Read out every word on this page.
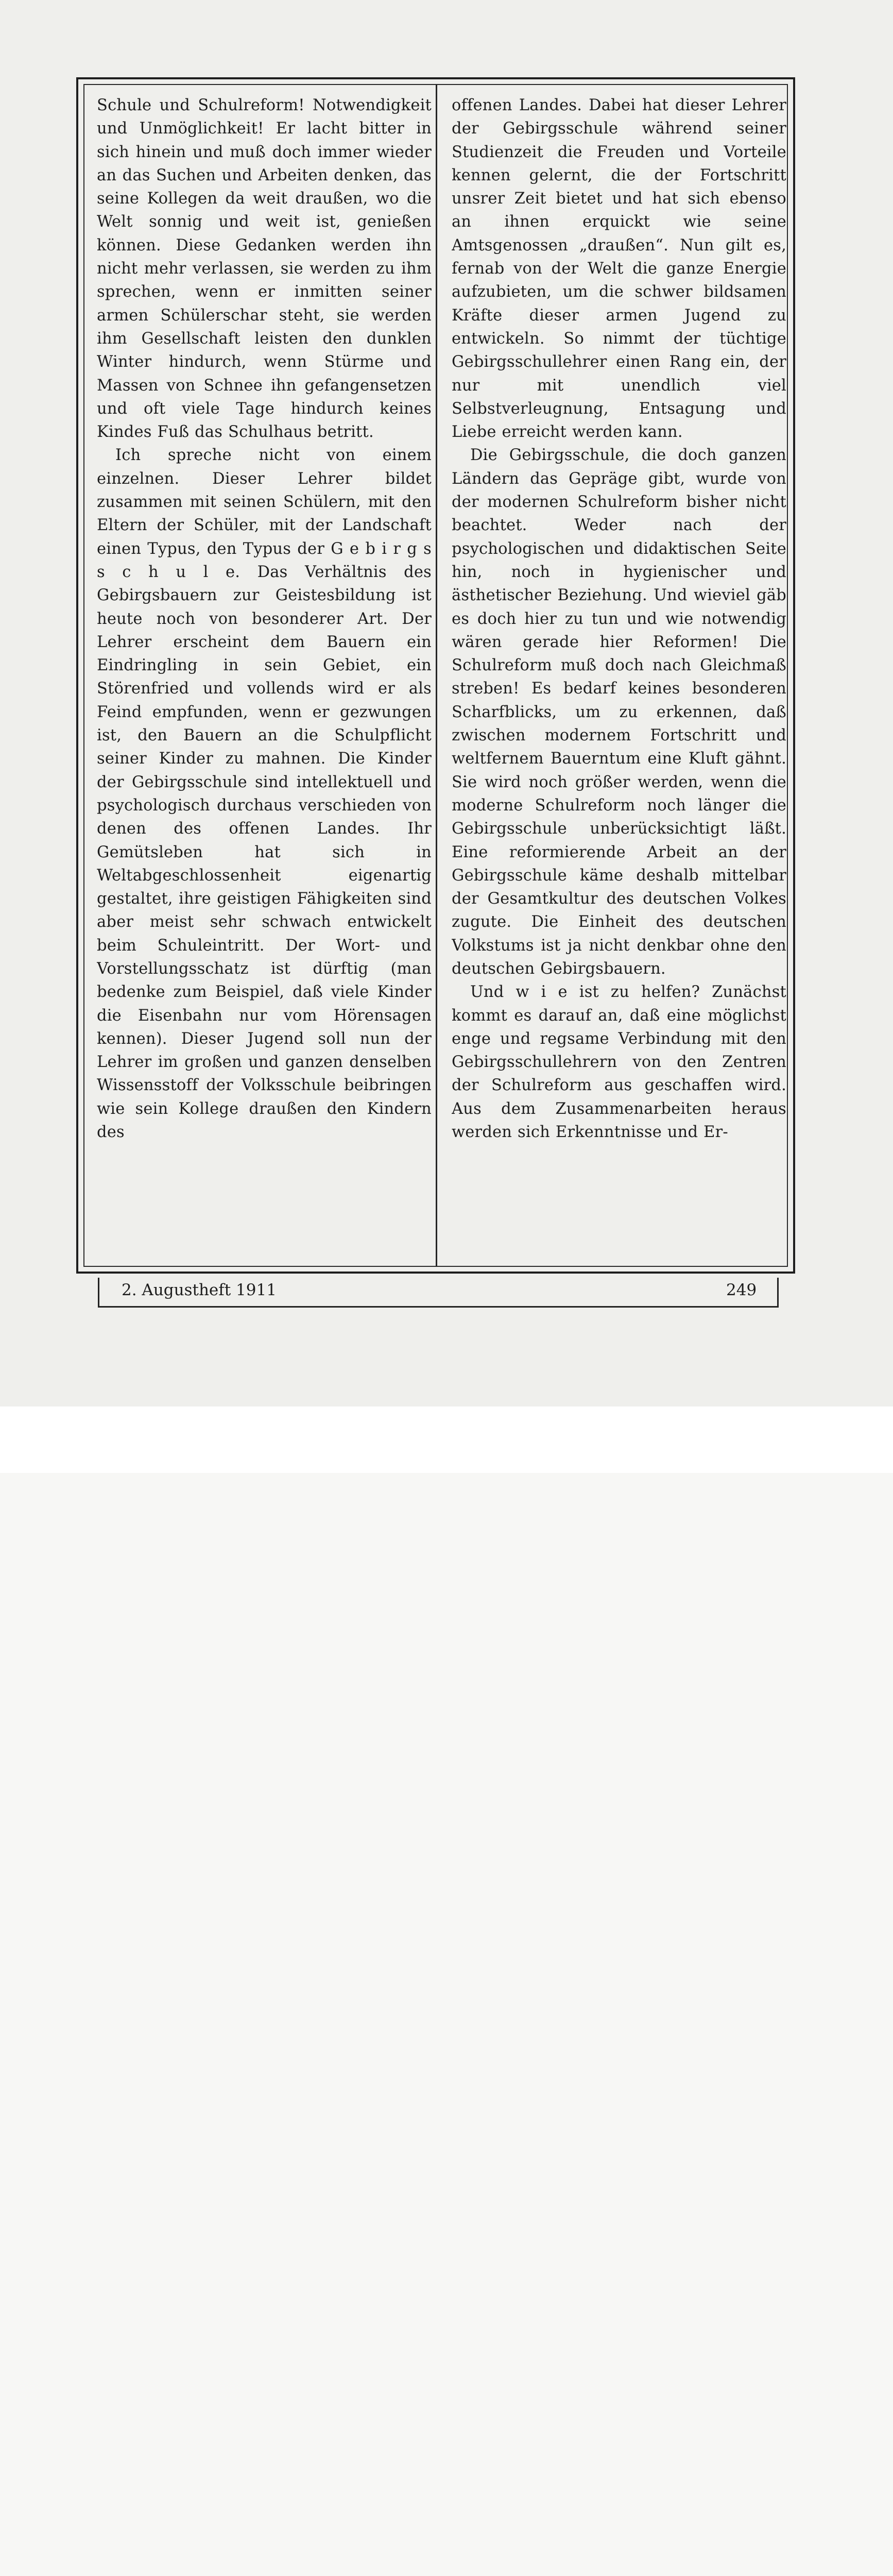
Schule und Schulreform! Notwendigkeit und Unmöglichkeit! Er lacht bitter in sich hinein und muß doch immer wieder an das Suchen und Arbeiten denken, das seine Kollegen da weit draußen, wo die Welt sonnig und weit ist, genießen können. Diese Gedanken werden ihn nicht mehr verlassen, sie werden zu ihm sprechen, wenn er inmitten seiner armen Schülerschar steht, sie werden ihm Gesellschaft leisten den dunklen Winter hindurch, wenn Stürme und Massen von Schnee ihn gefangensetzen und oft viele Tage hindurch keines Kindes Fuß das Schulhaus betritt.

Ich spreche nicht von einem einzelnen. Dieser Lehrer bildet zusammen mit seinen Schülern, mit den Eltern der Schüler, mit der Landschaft einen Typus, den Typus der G e b i r g s s c h u l e. Das Verhältnis des Gebirgsbauern zur Geistesbildung ist heute noch von besonderer Art. Der Lehrer erscheint dem Bauern ein Eindringling in sein Gebiet, ein Störenfried und vollends wird er als Feind empfunden, wenn er gezwungen ist, den Bauern an die Schulpflicht seiner Kinder zu mahnen. Die Kinder der Gebirgsschule sind intellektuell und psychologisch durchaus verschieden von denen des offenen Landes. Ihr Gemütsleben hat sich in Weltabgeschlossenheit eigenartig gestaltet, ihre geistigen Fähigkeiten sind aber meist sehr schwach entwickelt beim Schuleintritt. Der Wort- und Vorstellungsschatz ist dürftig (man bedenke zum Beispiel, daß viele Kinder die Eisenbahn nur vom Hörensagen kennen). Dieser Jugend soll nun der Lehrer im großen und ganzen denselben Wissensstoff der Volksschule beibringen wie sein Kollege draußen den Kindern des

offenen Landes. Dabei hat dieser Lehrer der Gebirgsschule während seiner Studienzeit die Freuden und Vorteile kennen gelernt, die der Fortschritt unsrer Zeit bietet und hat sich ebenso an ihnen erquickt wie seine Amtsgenossen „draußen“. Nun gilt es, fernab von der Welt die ganze Energie aufzubieten, um die schwer bildsamen Kräfte dieser armen Jugend zu entwickeln. So nimmt der tüchtige Gebirgsschullehrer einen Rang ein, der nur mit unendlich viel Selbstverleugnung, Entsagung und Liebe erreicht werden kann.

Die Gebirgsschule, die doch ganzen Ländern das Gepräge gibt, wurde von der modernen Schulreform bisher nicht beachtet. Weder nach der psychologischen und didaktischen Seite hin, noch in hygienischer und ästhetischer Beziehung. Und wieviel gäb es doch hier zu tun und wie notwendig wären gerade hier Reformen! Die Schulreform muß doch nach Gleichmaß streben! Es bedarf keines besonderen Scharfblicks, um zu erkennen, daß zwischen modernem Fortschritt und weltfernem Bauerntum eine Kluft gähnt. Sie wird noch größer werden, wenn die moderne Schulreform noch länger die Gebirgsschule unberücksichtigt läßt. Eine reformierende Arbeit an der Gebirgsschule käme deshalb mittelbar der Gesamtkultur des deutschen Volkes zugute. Die Einheit des deutschen Volkstums ist ja nicht denkbar ohne den deutschen Gebirgsbauern.

Und w i e ist zu helfen? Zunächst kommt es darauf an, daß eine möglichst enge und regsame Verbindung mit den Gebirgsschullehrern von den Zentren der Schulreform aus geschaffen wird. Aus dem Zusammenarbeiten heraus werden sich Erkenntnisse und Er-

2. Augustheft 1911	249
